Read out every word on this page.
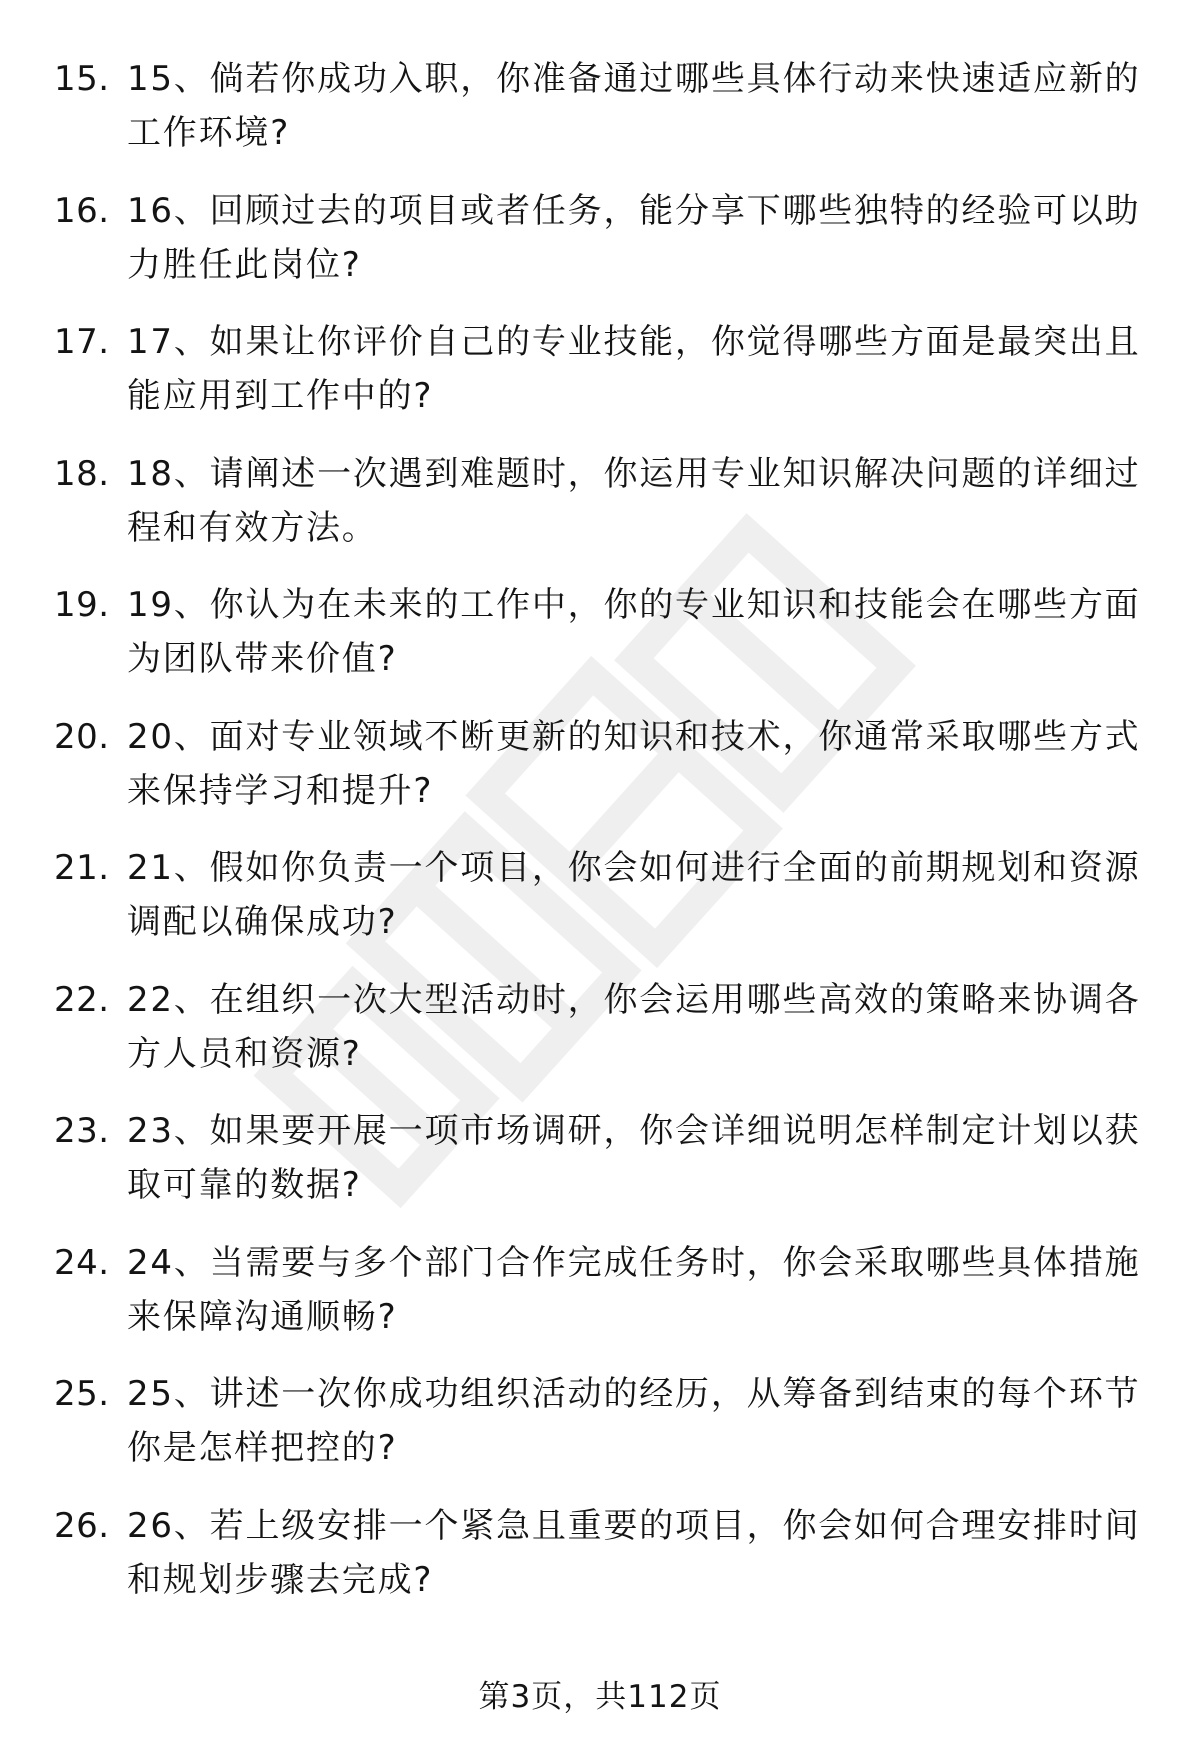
15. 15、倘若你成功入职，你准备通过哪些具体行动来快速适应新的工作环境?
16. 16、回顾过去的项目或者任务，能分享下哪些独特的经验可以助力胜任此岗位?
17. 17、如果让你评价自己的专业技能，你觉得哪些方面是最突出且能应用到工作中的?
18. 18、请阐述一次遇到难题时，你运用专业知识解决问题的详细过程和有效方法。
19. 19、你认为在未来的工作中，你的专业知识和技能会在哪些方面为团队带来价值?
20. 20、面对专业领域不断更新的知识和技术，你通常采取哪些方式来保持学习和提升?
21. 21、假如你负责一个项目，你会如何进行全面的前期规划和资源调配以确保成功?
22. 22、在组织一次大型活动时，你会运用哪些高效的策略来协调各方人员和资源?
23. 23、如果要开展一项市场调研，你会详细说明怎样制定计划以获取可靠的数据?
24. 24、当需要与多个部门合作完成任务时，你会采取哪些具体措施来保障沟通顺畅?
25. 25、讲述一次你成功组织活动的经历，从筹备到结束的每个环节你是怎样把控的?
26. 26、若上级安排一个紧急且重要的项目，你会如何合理安排时间和规划步骤去完成?
第3页，共112页
